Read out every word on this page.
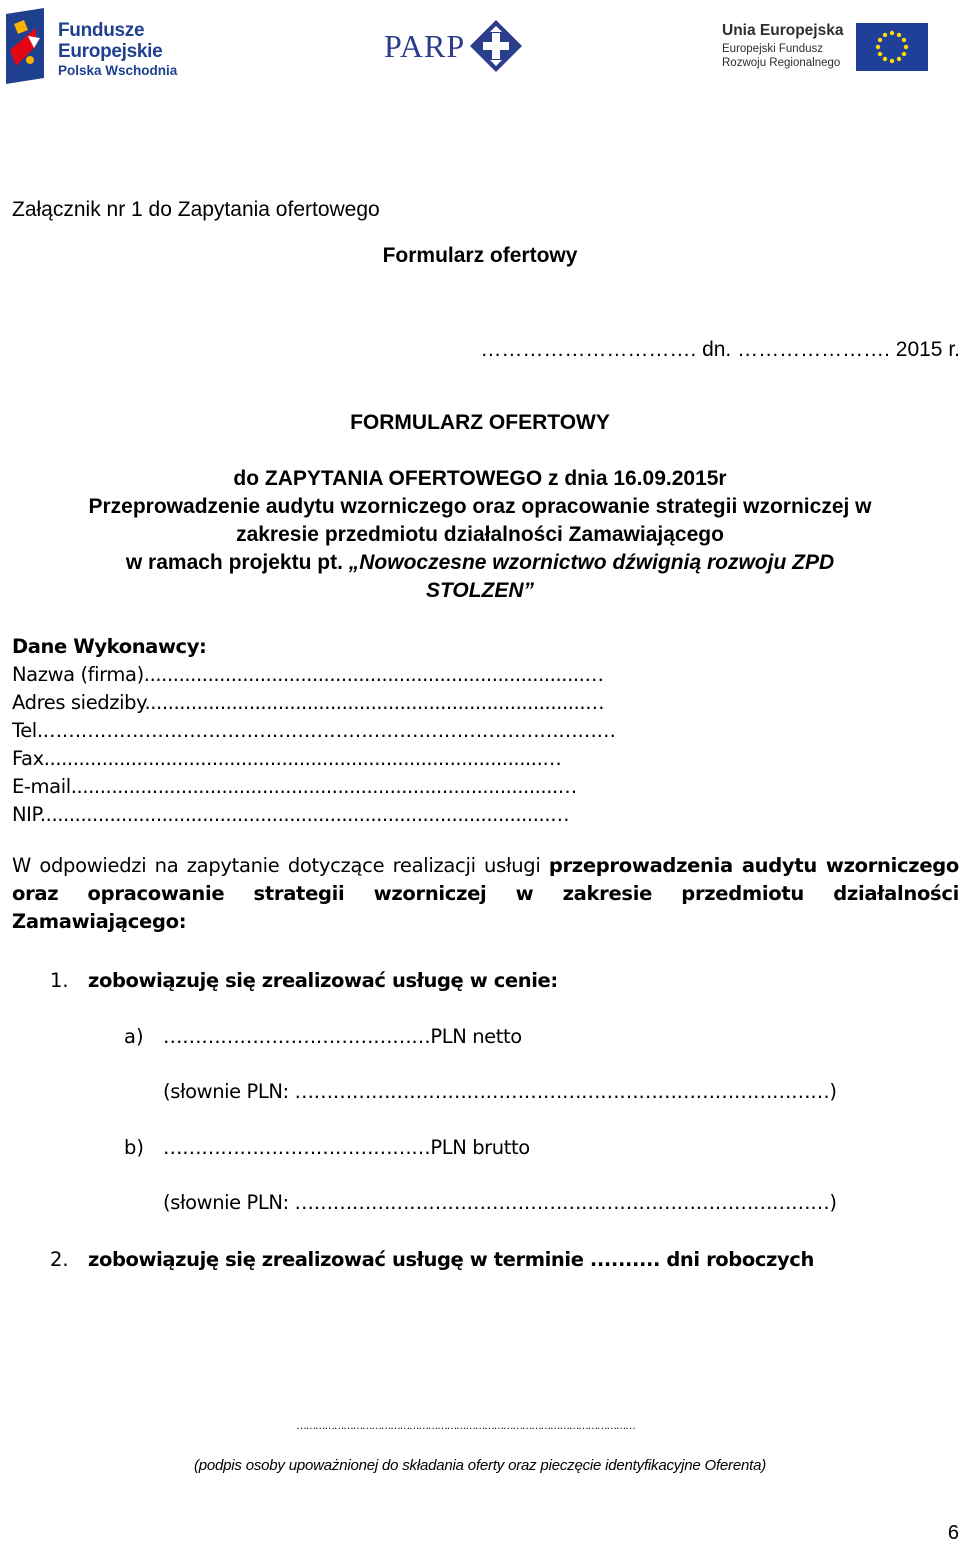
Fundusze
Europejskie
Polska Wschodnia
PARP	Unia Europejska
Europejski Fundusz
Rozwoju Regionalnego
Załącznik nr 1 do Zapytania ofertowego
Formularz ofertowy
…………………………. dn. …………………. 2015 r.
FORMULARZ OFERTOWY
do ZAPYTANIA OFERTOWEGO z dnia 16.09.2015r
Przeprowadzenie audytu wzorniczego oraz opracowanie strategii wzorniczej w
zakresie przedmiotu działalności Zamawiającego
w ramach projektu pt. „Nowoczesne wzornictwo dźwignią rozwoju ZPD
STOLZEN”
Dane Wykonawcy:
Nazwa (firma)............................................................................…
Adres siedziby............................................................................…
Tel.………………………………………………………………………………
Fax......................................................................................…
E-mail....................................................................................…
NIP........................................................................................…
W odpowiedzi na zapytanie dotyczące realizacji usługi przeprowadzenia audytu wzorniczego oraz opracowanie strategii wzorniczej w zakresie przedmiotu działalności Zamawiającego:
1. zobowiązuję się zrealizować usługę w cenie:
a) ……………………………………PLN netto
(słownie PLN: …………………………………………………………………………)
b) ……………………………………PLN brutto
(słownie PLN: …………………………………………………………………………)
2. zobowiązuję się zrealizować usługę w terminie .......... dni roboczych
………………………………………………………………………………………………
(podpis osoby upoważnionej do składania oferty oraz pieczęcie identyfikacyjne Oferenta)
6
